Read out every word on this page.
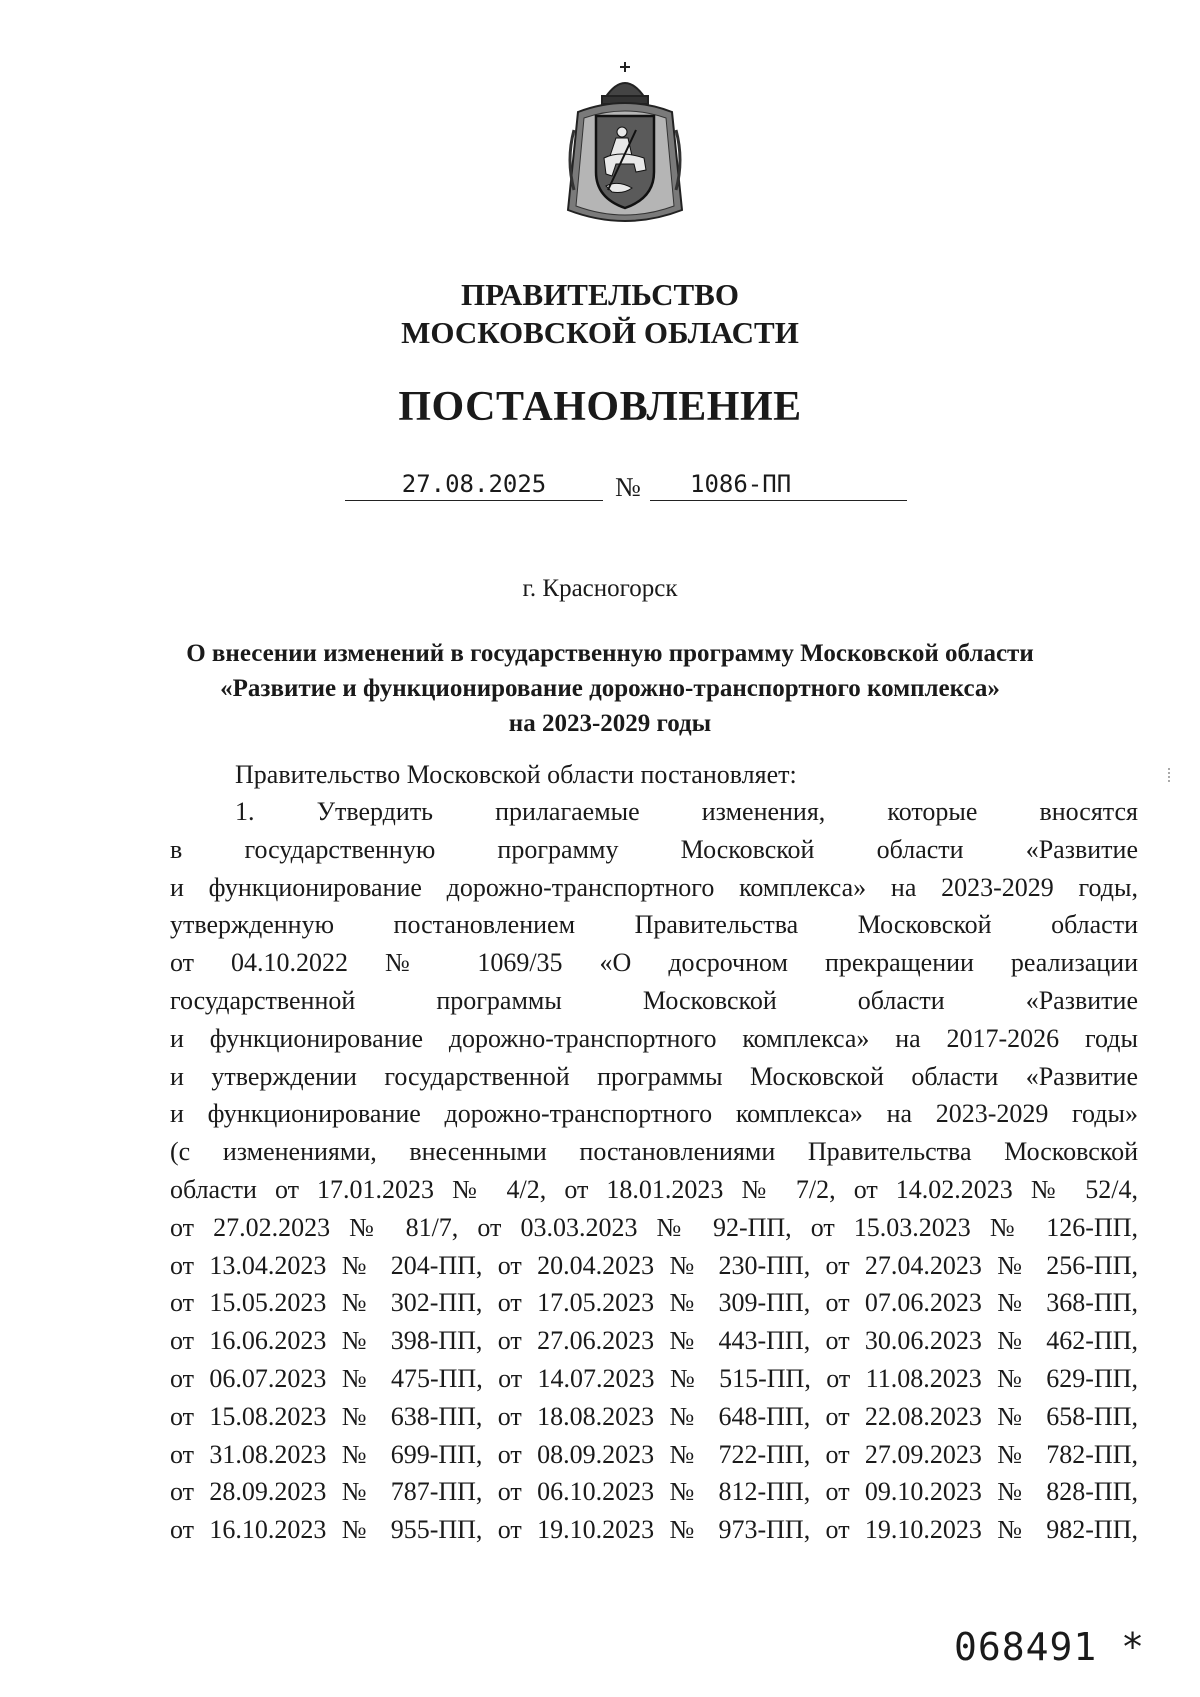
ПРАВИТЕЛЬСТВО
МОСКОВСКОЙ ОБЛАСТИ
ПОСТАНОВЛЕНИЕ
27.08.2025	№	1086-ПП
г. Красногорск
О внесении изменений в государственную программу Московской области
«Развитие и функционирование дорожно-транспортного комплекса»
на 2023-2029 годы
Правительство Московской области постановляет:
1. Утвердить прилагаемые изменения, которые вносятся
в государственную программу Московской области «Развитие
и функционирование дорожно-транспортного комплекса» на 2023-2029 годы,
утвержденную постановлением Правительства Московской области
от 04.10.2022 № 1069/35 «О досрочном прекращении реализации
государственной программы Московской области «Развитие
и функционирование дорожно-транспортного комплекса» на 2017-2026 годы
и утверждении государственной программы Московской области «Развитие
и функционирование дорожно-транспортного комплекса» на 2023-2029 годы»
(с изменениями, внесенными постановлениями Правительства Московской
области от 17.01.2023 № 4/2, от 18.01.2023 № 7/2, от 14.02.2023 № 52/4,
от 27.02.2023 № 81/7, от 03.03.2023 № 92-ПП, от 15.03.2023 № 126-ПП,
от 13.04.2023 № 204-ПП, от 20.04.2023 № 230-ПП, от 27.04.2023 № 256-ПП,
от 15.05.2023 № 302-ПП, от 17.05.2023 № 309-ПП, от 07.06.2023 № 368-ПП,
от 16.06.2023 № 398-ПП, от 27.06.2023 № 443-ПП, от 30.06.2023 № 462-ПП,
от 06.07.2023 № 475-ПП, от 14.07.2023 № 515-ПП, от 11.08.2023 № 629-ПП,
от 15.08.2023 № 638-ПП, от 18.08.2023 № 648-ПП, от 22.08.2023 № 658-ПП,
от 31.08.2023 № 699-ПП, от 08.09.2023 № 722-ПП, от 27.09.2023 № 782-ПП,
от 28.09.2023 № 787-ПП, от 06.10.2023 № 812-ПП, от 09.10.2023 № 828-ПП,
от 16.10.2023 № 955-ПП, от 19.10.2023 № 973-ПП, от 19.10.2023 № 982-ПП,
068491 *
